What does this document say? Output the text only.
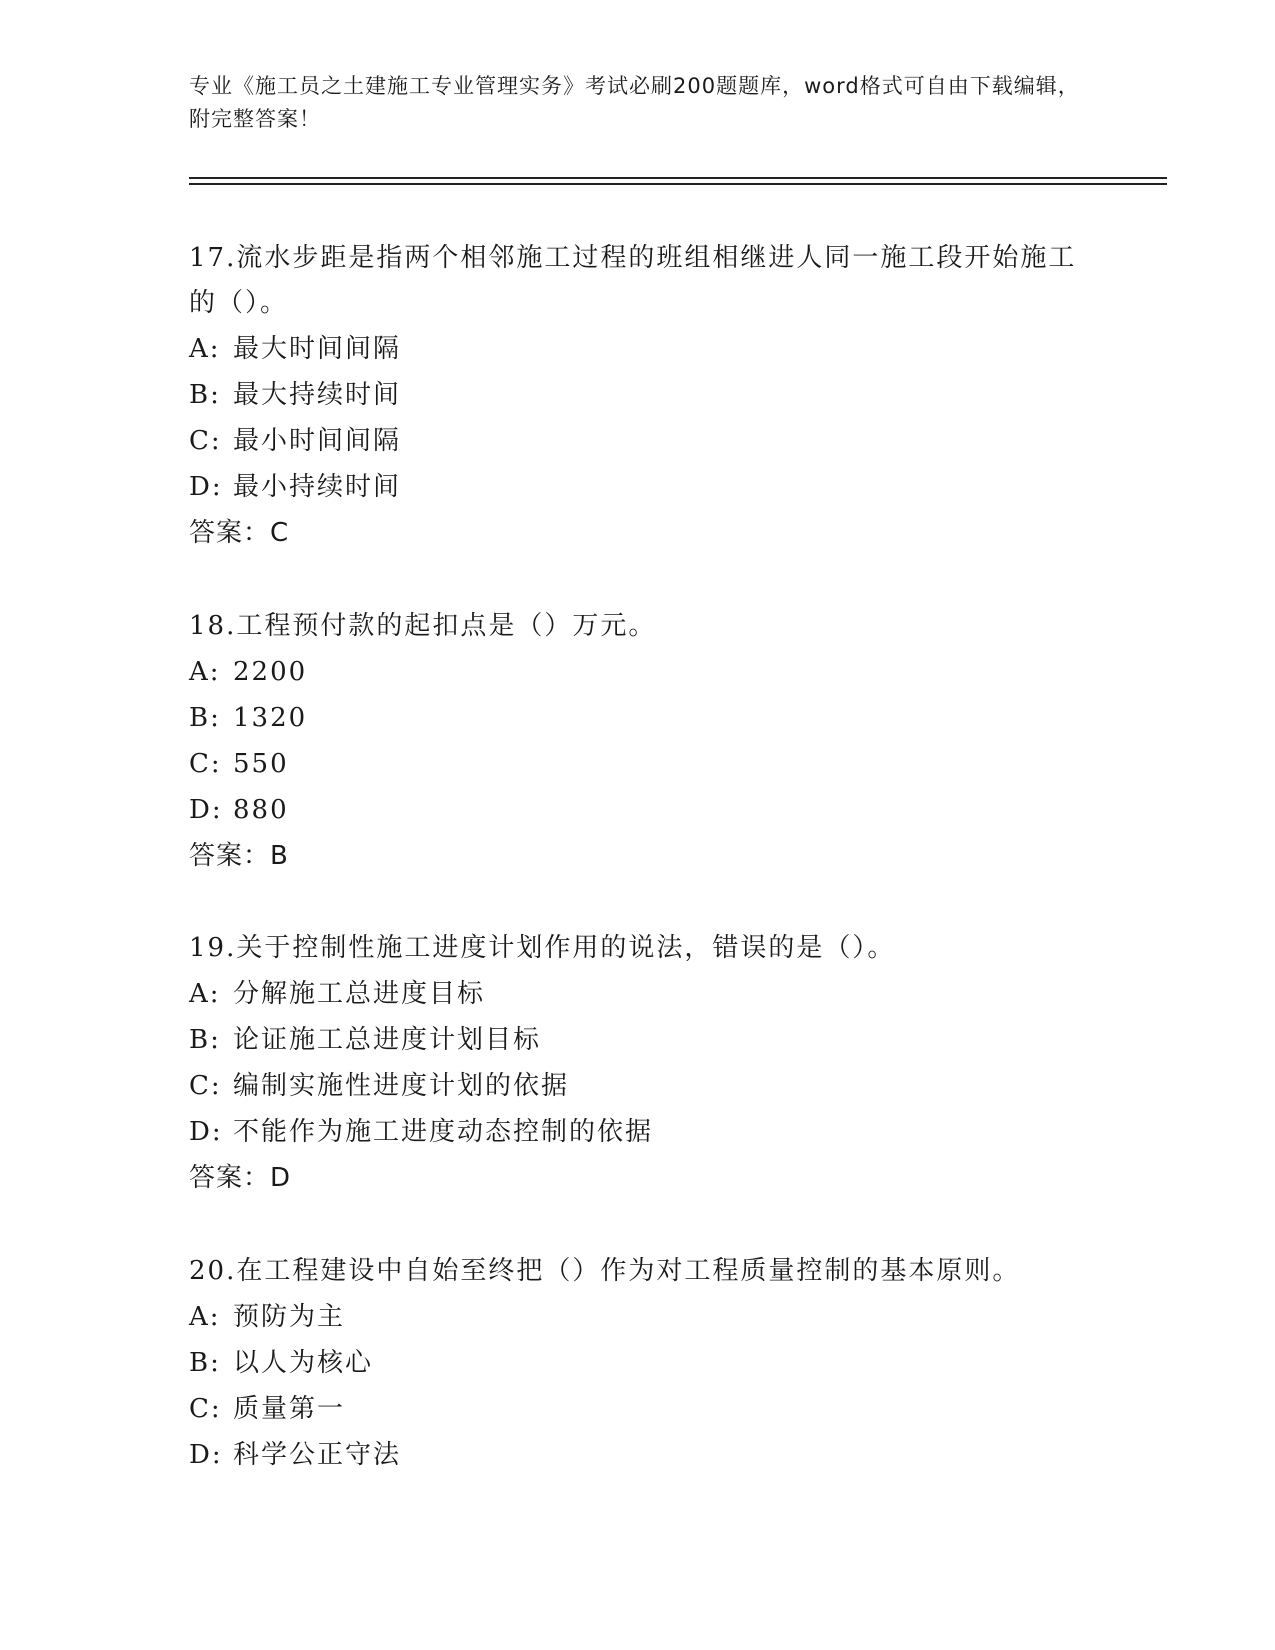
专业《施工员之土建施工专业管理实务》考试必刷200题题库，word格式可自由下载编辑，附完整答案！
17.流水步距是指两个相邻施工过程的班组相继进人同一施工段开始施工的（）。
A: 最大时间间隔
B: 最大持续时间
C: 最小时间间隔
D: 最小持续时间
答案：C
18.工程预付款的起扣点是（）万元。
A: 2200
B: 1320
C: 550
D: 880
答案：B
19.关于控制性施工进度计划作用的说法，错误的是（）。
A: 分解施工总进度目标
B: 论证施工总进度计划目标
C: 编制实施性进度计划的依据
D: 不能作为施工进度动态控制的依据
答案：D
20.在工程建设中自始至终把（）作为对工程质量控制的基本原则。
A: 预防为主
B: 以人为核心
C: 质量第一
D: 科学公正守法
